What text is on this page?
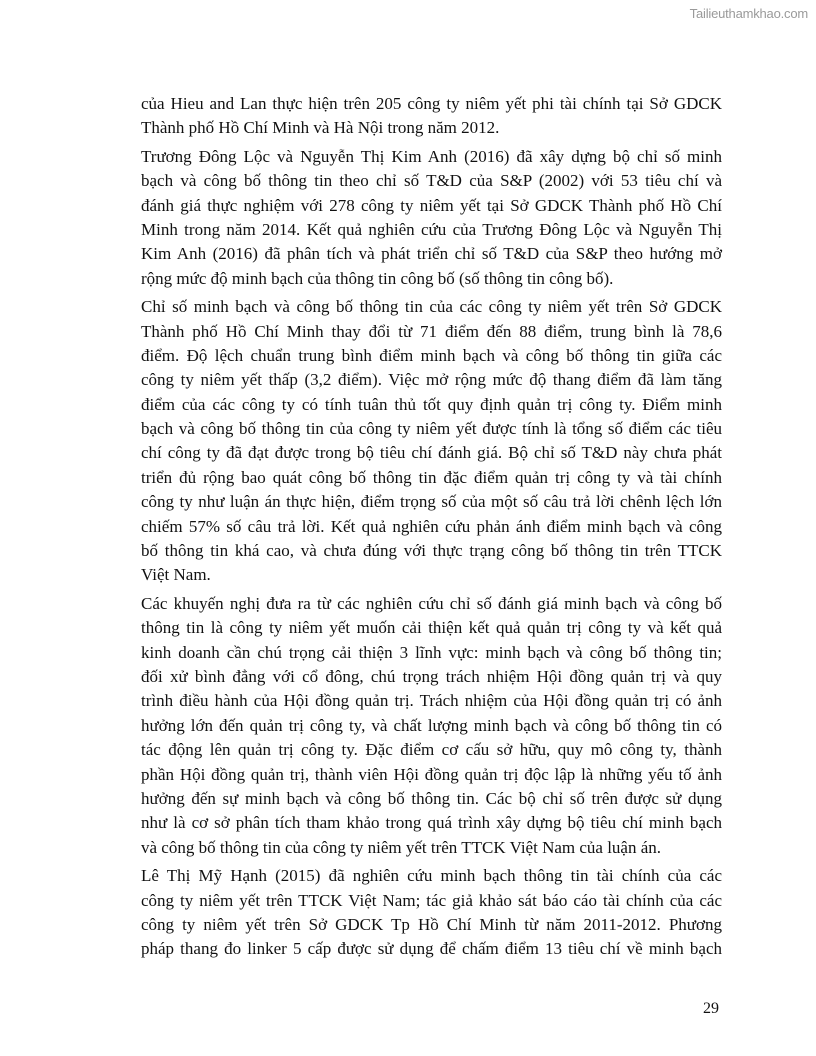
Tailieuthamkhao.com
của Hieu and Lan thực hiện trên 205 công ty niêm yết phi tài chính tại Sở GDCK
Thành phố Hồ Chí Minh và Hà Nội trong năm 2012.
Trương Đông Lộc và Nguyễn Thị Kim Anh (2016) đã xây dựng bộ chỉ số minh
bạch và công bố thông tin theo chỉ số T&D của S&P (2002) với 53 tiêu chí và
đánh giá thực nghiệm với 278 công ty niêm yết tại Sở GDCK Thành phố Hồ Chí
Minh trong năm 2014. Kết quả nghiên cứu của Trương Đông Lộc và Nguyễn Thị
Kim Anh (2016) đã phân tích và phát triển chỉ số T&D của S&P theo hướng mở
rộng mức độ minh bạch của thông tin công bố (số thông tin công bố).
Chỉ số minh bạch và công bố thông tin của các công ty niêm yết trên Sở GDCK
Thành phố Hồ Chí Minh thay đổi từ 71 điểm đến 88 điểm, trung bình là 78,6
điểm. Độ lệch chuẩn trung bình điểm minh bạch và công bố thông tin giữa các
công ty niêm yết thấp (3,2 điểm). Việc mở rộng mức độ thang điểm đã làm tăng
điểm của các công ty có tính tuân thủ tốt quy định quản trị công ty. Điểm minh
bạch và công bố thông tin của công ty niêm yết được tính là tổng số điểm các tiêu
chí công ty đã đạt được trong bộ tiêu chí đánh giá. Bộ chỉ số T&D này chưa phát
triển đủ rộng bao quát công bố thông tin đặc điểm quản trị công ty và tài chính
công ty như luận án thực hiện, điểm trọng số của một số câu trả lời chênh lệch lớn
chiếm 57% số câu trả lời. Kết quả nghiên cứu phản ánh điểm minh bạch và công
bố thông tin khá cao, và chưa đúng với thực trạng công bố thông tin trên TTCK
Việt Nam.
Các khuyến nghị đưa ra từ các nghiên cứu chỉ số đánh giá minh bạch và công bố
thông tin là công ty niêm yết muốn cải thiện kết quả quản trị công ty và kết quả
kinh doanh cần chú trọng cải thiện 3 lĩnh vực: minh bạch và công bố thông tin;
đối xử bình đẳng với cổ đông, chú trọng trách nhiệm Hội đồng quản trị và quy
trình điều hành của Hội đồng quản trị. Trách nhiệm của Hội đồng quản trị có ảnh
hưởng lớn đến quản trị công ty, và chất lượng minh bạch và công bố thông tin có
tác động lên quản trị công ty. Đặc điểm cơ cấu sở hữu, quy mô công ty, thành
phần Hội đồng quản trị, thành viên Hội đồng quản trị độc lập là những yếu tố ảnh
hưởng đến sự minh bạch và công bố thông tin. Các bộ chỉ số trên được sử dụng
như là cơ sở phân tích tham khảo trong quá trình xây dựng bộ tiêu chí minh bạch
và công bố thông tin của công ty niêm yết trên TTCK Việt Nam của luận án.
Lê Thị Mỹ Hạnh (2015) đã nghiên cứu minh bạch thông tin tài chính của các
công ty niêm yết trên TTCK Việt Nam; tác giả khảo sát báo cáo tài chính của các
công ty niêm yết trên Sở GDCK Tp Hồ Chí Minh từ năm 2011-2012. Phương
pháp thang đo linker 5 cấp được sử dụng để chấm điểm 13 tiêu chí về minh bạch
29
